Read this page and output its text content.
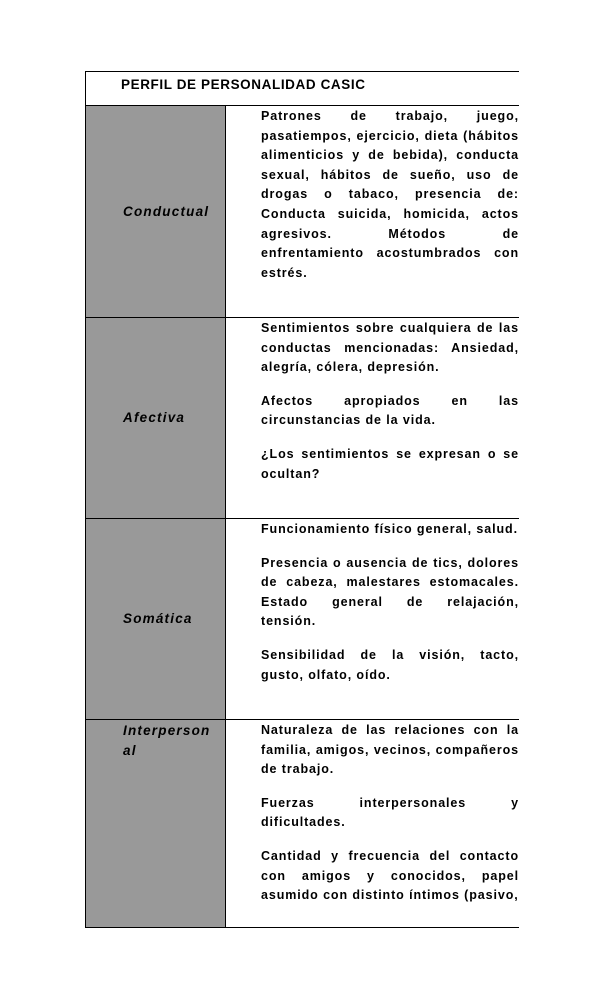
PERFIL DE PERSONALIDAD CASIC
Conductual

Patrones de trabajo, juego, pasatiempos, ejercicio, dieta (hábitos alimenticios y de bebida), conducta sexual, hábitos de sueño, uso de drogas o tabaco, presencia de: Conducta suicida, homicida, actos agresivos. Métodos de enfrentamiento acostumbrados con estrés.

Afectiva

Sentimientos sobre cualquiera de las conductas mencionadas: Ansiedad, alegría, cólera, depresión.

Afectos apropiados en las circunstancias de la vida.

¿Los sentimientos se expresan o se ocultan?

Somática

Funcionamiento físico general, salud.

Presencia o ausencia de tics, dolores de cabeza, malestares estomacales. Estado general de relajación, tensión.

Sensibilidad de la visión, tacto, gusto, olfato, oído.

Interpersonal

Naturaleza de las relaciones con la familia, amigos, vecinos, compañeros de trabajo.

Fuerzas interpersonales y dificultades.

Cantidad y frecuencia del contacto con amigos y conocidos, papel asumido con distinto íntimos (pasivo,
